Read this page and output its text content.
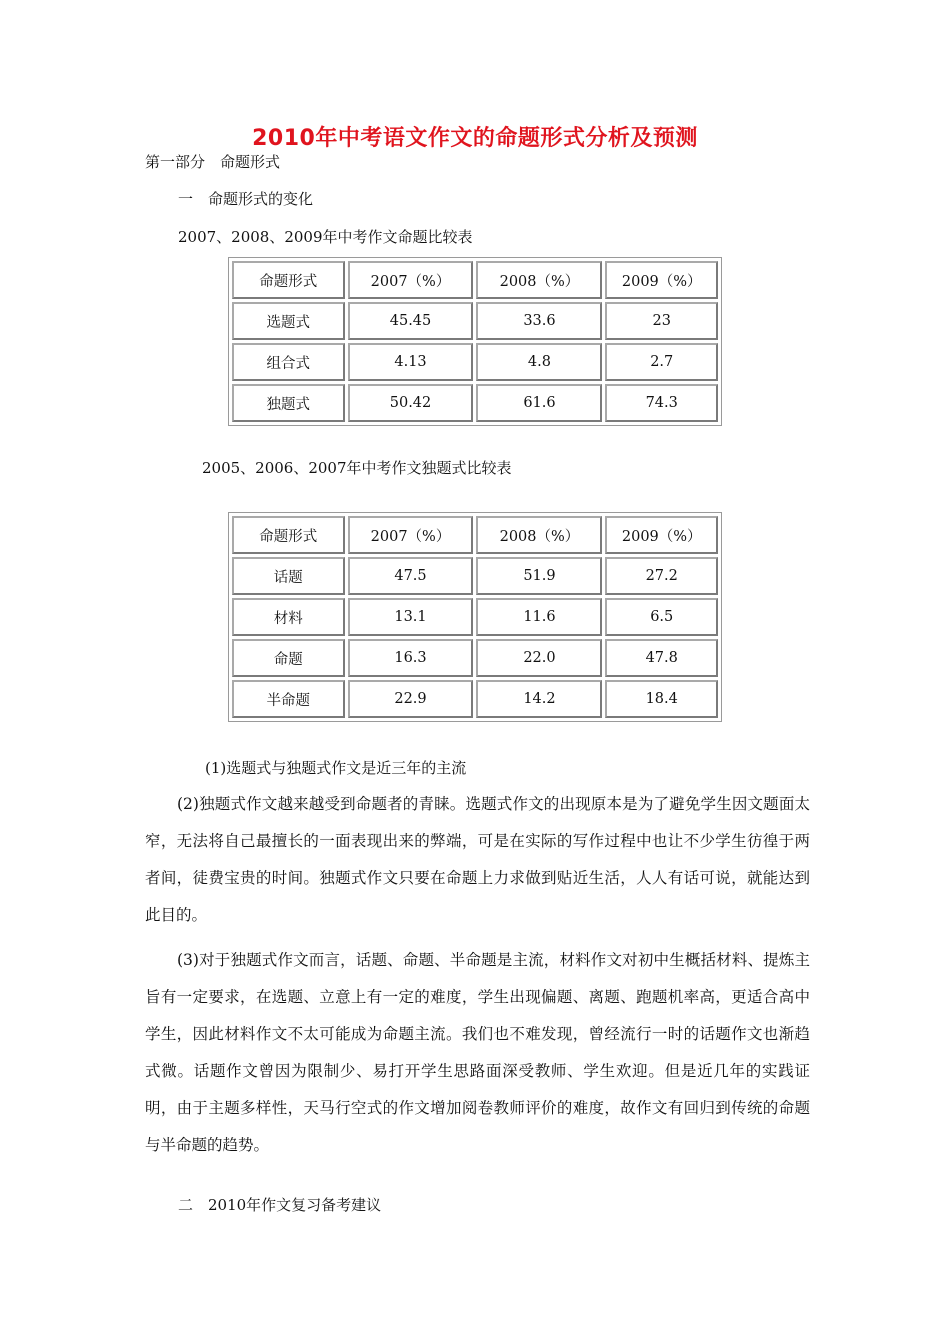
2010年中考语文作文的命题形式分析及预测
第一部分　命题形式
一　命题形式的变化
2007、2008、2009年中考作文命题比较表
命题形式	2007（%）	2008（%）	2009（%）
选题式	45.45	33.6	23
组合式	4.13	4.8	2.7
独题式	50.42	61.6	74.3
2005、2006、2007年中考作文独题式比较表
命题形式	2007（%）	2008（%）	2009（%）
话题	47.5	51.9	27.2
材料	13.1	11.6	6.5
命题	16.3	22.0	47.8
半命题	22.9	14.2	18.4
(1)选题式与独题式作文是近三年的主流
(2)独题式作文越来越受到命题者的青睐。选题式作文的出现原本是为了避免学生因文题面太窄，无法将自己最擅长的一面表现出来的弊端，可是在实际的写作过程中也让不少学生彷徨于两者间，徒费宝贵的时间。独题式作文只要在命题上力求做到贴近生活，人人有话可说，就能达到此目的。
(3)对于独题式作文而言，话题、命题、半命题是主流，材料作文对初中生概括材料、提炼主旨有一定要求，在选题、立意上有一定的难度，学生出现偏题、离题、跑题机率高，更适合高中学生，因此材料作文不太可能成为命题主流。我们也不难发现，曾经流行一时的话题作文也渐趋式微。话题作文曾因为限制少、易打开学生思路面深受教师、学生欢迎。但是近几年的实践证明，由于主题多样性，天马行空式的作文增加阅卷教师评价的难度，故作文有回归到传统的命题与半命题的趋势。
二　2010年作文复习备考建议
